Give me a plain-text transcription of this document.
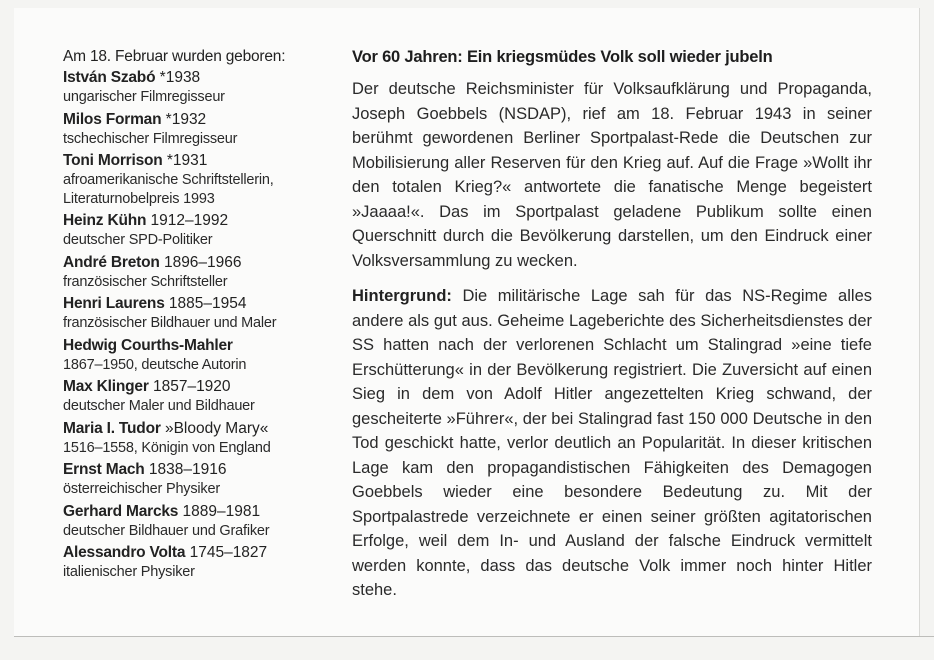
Am 18. Februar wurden geboren:

István Szabó *1938
ungarischer Filmregisseur

Milos Forman *1932
tschechischer Filmregisseur

Toni Morrison *1931
afroamerikanische Schriftstellerin, Literaturnobelpreis 1993

Heinz Kühn 1912–1992
deutscher SPD-Politiker

André Breton 1896–1966
französischer Schriftsteller

Henri Laurens 1885–1954
französischer Bildhauer und Maler

Hedwig Courths-Mahler
1867–1950, deutsche Autorin

Max Klinger 1857–1920
deutscher Maler und Bildhauer

Maria I. Tudor »Bloody Mary«
1516–1558, Königin von England

Ernst Mach 1838–1916
österreichischer Physiker

Gerhard Marcks 1889–1981
deutscher Bildhauer und Grafiker

Alessandro Volta 1745–1827
italienischer Physiker

Vor 60 Jahren: Ein kriegsmüdes Volk soll wieder jubeln

Der deutsche Reichsminister für Volksaufklärung und Propaganda, Joseph Goebbels (NSDAP), rief am 18. Februar 1943 in seiner berühmt gewordenen Berliner Sportpalast-Rede die Deutschen zur Mobilisierung aller Reserven für den Krieg auf. Auf die Frage »Wollt ihr den totalen Krieg?« antwortete die fanatische Menge begeistert »Jaaaa!«. Das im Sportpalast geladene Publikum sollte einen Querschnitt durch die Bevölkerung darstellen, um den Eindruck einer Volksversammlung zu wecken.

Hintergrund: Die militärische Lage sah für das NS-Regime alles andere als gut aus. Geheime Lageberichte des Sicherheitsdienstes der SS hatten nach der verlorenen Schlacht um Stalingrad »eine tiefe Erschütterung« in der Bevölkerung registriert. Die Zuversicht auf einen Sieg in dem von Adolf Hitler angezettelten Krieg schwand, der gescheiterte »Führer«, der bei Stalingrad fast 150 000 Deutsche in den Tod geschickt hatte, verlor deutlich an Popularität. In dieser kritischen Lage kam den propagandistischen Fähigkeiten des Demagogen Goebbels wieder eine besondere Bedeutung zu. Mit der Sportpalastrede verzeichnete er einen seiner größten agitatorischen Erfolge, weil dem In- und Ausland der falsche Eindruck vermittelt werden konnte, dass das deutsche Volk immer noch hinter Hitler stehe.
